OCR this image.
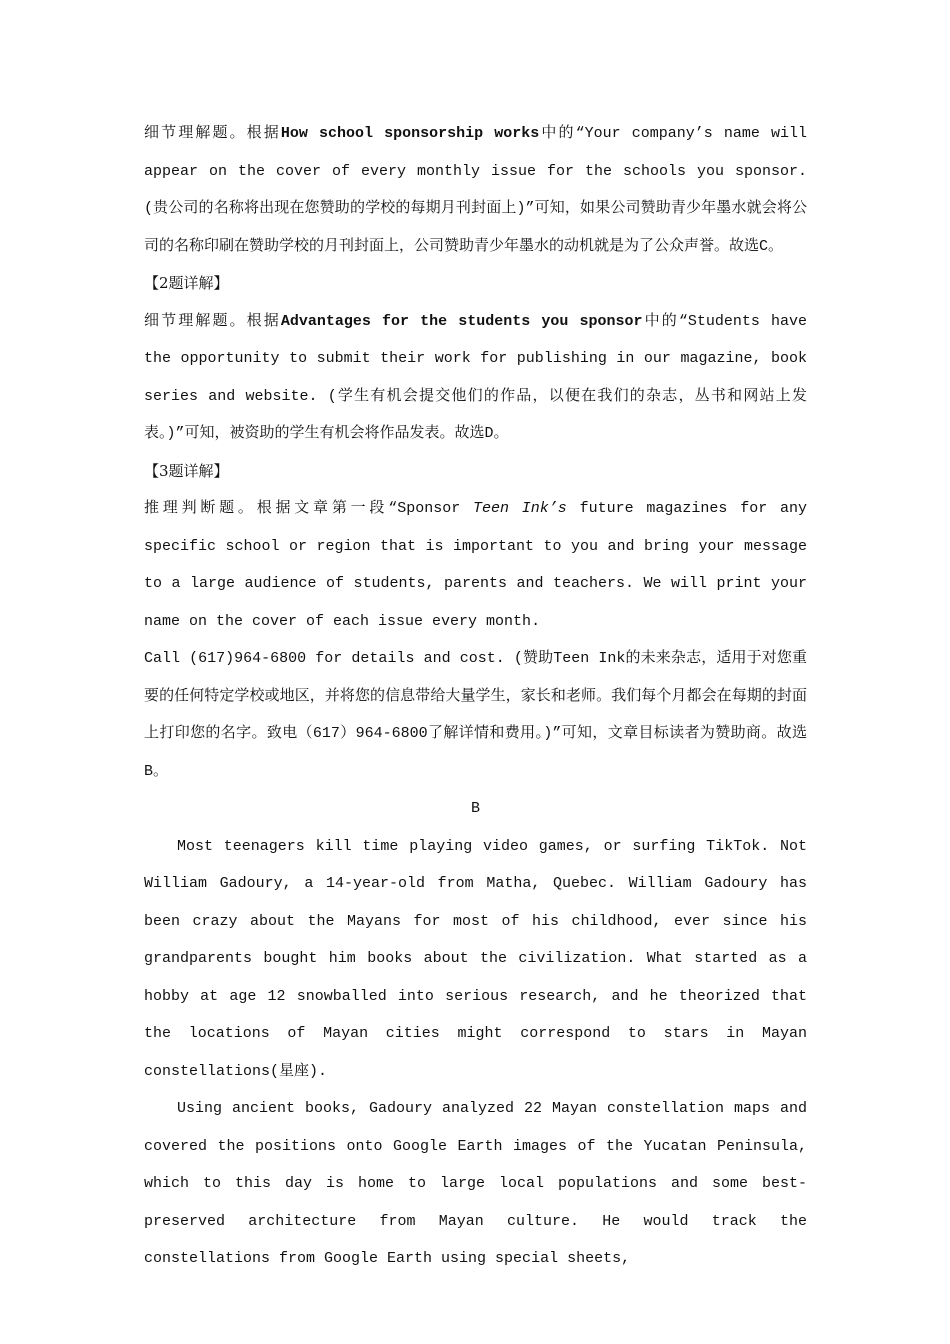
细节理解题。根据How school sponsorship works中的“Your company’s name will appear on the cover of every monthly issue for the schools you sponsor. (贵公司的名称将出现在您赞助的学校的每期月刊封面上)”可知，如果公司赞助青少年墨水就会将公司的名称印刷在赞助学校的月刊封面上，公司赞助青少年墨水的动机就是为了公众声誉。故选C。

【2题详解】

细节理解题。根据Advantages for the students you sponsor中的“Students have the opportunity to submit their work for publishing in our magazine, book series and website. (学生有机会提交他们的作品，以便在我们的杂志，丛书和网站上发表。)”可知，被资助的学生有机会将作品发表。故选D。

【3题详解】

推理判断题。根据文章第一段“Sponsor Teen Ink’s future magazines for any specific school or region that is important to you and bring your message to a large audience of students, parents and teachers. We will print your name on the cover of each issue every month.

Call (617)964-6800 for details and cost. (赞助Teen Ink的未来杂志，适用于对您重要的任何特定学校或地区，并将您的信息带给大量学生，家长和老师。我们每个月都会在每期的封面上打印您的名字。致电（617）964-6800了解详情和费用。)”可知，文章目标读者为赞助商。故选B。

B

Most teenagers kill time playing video games, or surfing TikTok. Not William Gadoury, a 14-year-old from Matha, Quebec. William Gadoury has been crazy about the Mayans for most of his childhood, ever since his grandparents bought him books about the civilization. What started as a hobby at age 12 snowballed into serious research, and he theorized that the locations of Mayan cities might correspond to stars in Mayan constellations(星座).

Using ancient books, Gadoury analyzed 22 Mayan constellation maps and covered the positions onto Google Earth images of the Yucatan Peninsula, which to this day is home to large local populations and some best-preserved architecture from Mayan culture. He would track the constellations from Google Earth using special sheets,
